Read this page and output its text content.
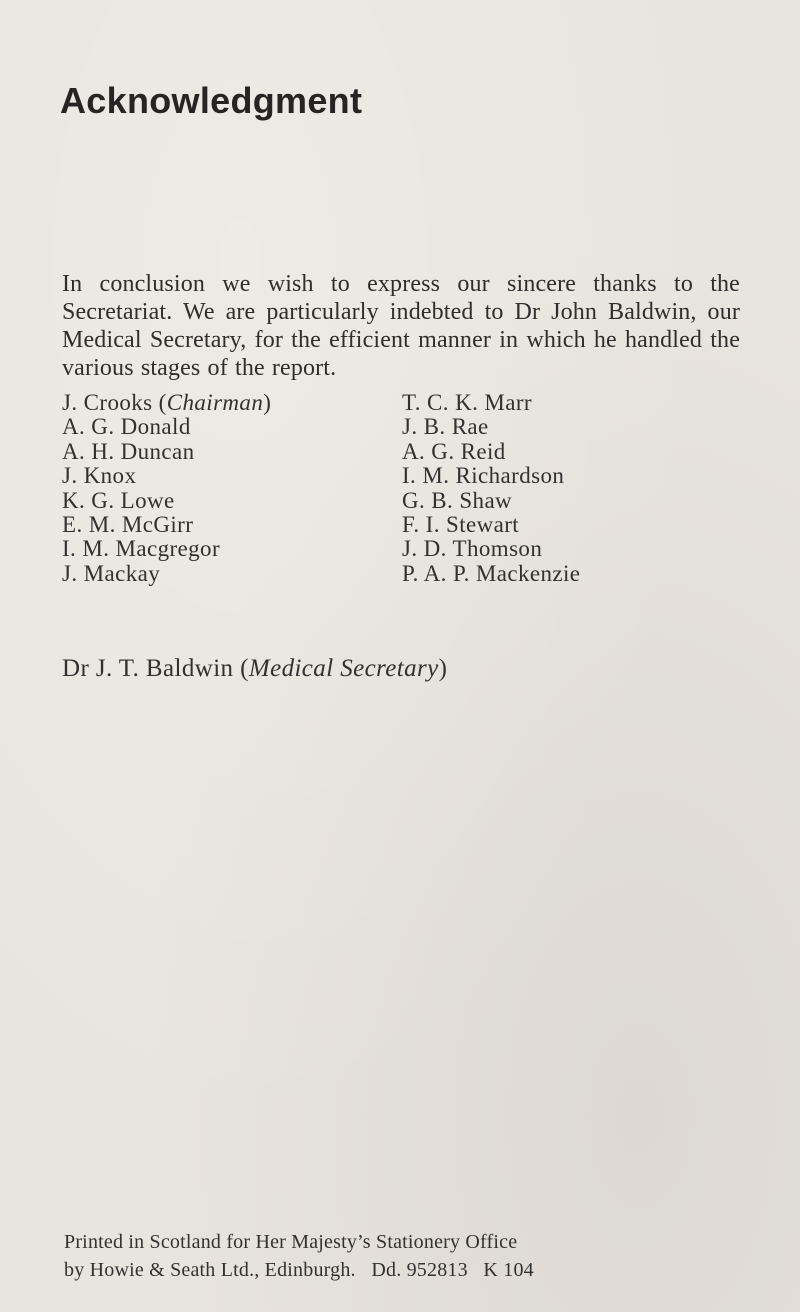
Acknowledgment
In conclusion we wish to express our sincere thanks to the Secretariat. We are particularly indebted to Dr John Baldwin, our Medical Secretary, for the efficient manner in which he handled the various stages of the report.
J. Crooks (Chairman)
A. G. Donald
A. H. Duncan
J. Knox
K. G. Lowe
E. M. McGirr
I. M. Macgregor
J. Mackay
T. C. K. Marr
J. B. Rae
A. G. Reid
I. M. Richardson
G. B. Shaw
F. I. Stewart
J. D. Thomson
P. A. P. Mackenzie
Dr J. T. Baldwin (Medical Secretary)
Printed in Scotland for Her Majesty’s Stationery Office
by Howie & Seath Ltd., Edinburgh.   Dd. 952813   K 104
